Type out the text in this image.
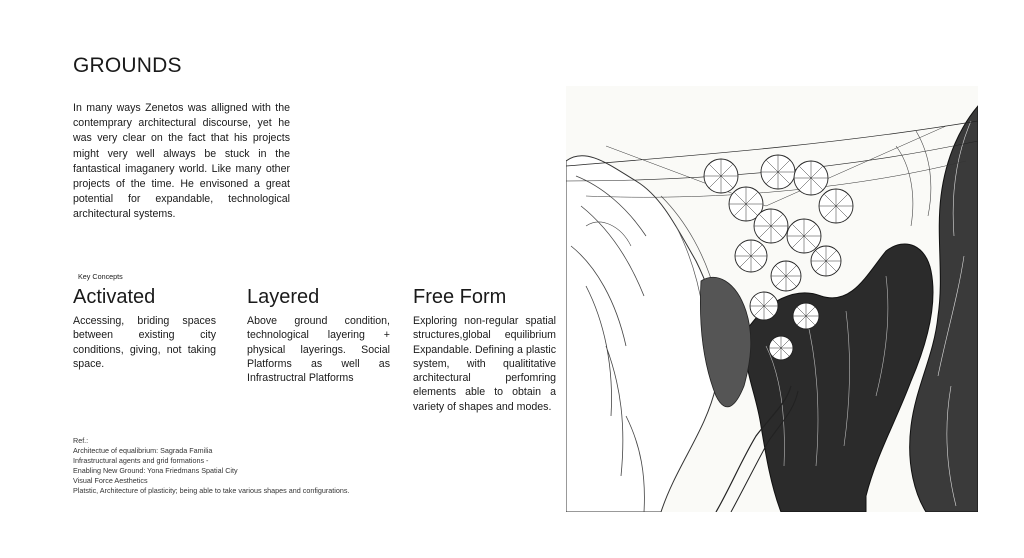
GROUNDS

In many ways Zenetos was alligned with the contemprary architectural discourse, yet he was very clear on the fact that his projects might very well always be stuck in the fantastical imaganery world. Like many other projects of the time. He envisoned a great potential for expandable, technological architectural systems.

Key Concepts

Activated

Accessing, briding spaces between existing city conditions, giving, not taking space.

Layered

Above ground condition, technological layering + physical layerings. Social Platforms as well as Infrastructral Platforms

Free Form

Exploring non-regular spatial structures,global equilibrium Expandable. Defining a plastic system, with qualititative architectural perfomring elements able to obtain a variety of shapes and modes.

Ref.:
Architectue of equalibrium: Sagrada Familia
Infrastructural agents and grid formations -
Enabling New Ground: Yona Friedmans Spatial City
Visual Force Aesthetics
Platstic, Architecture of plasticity; being able to take various shapes and configurations.
